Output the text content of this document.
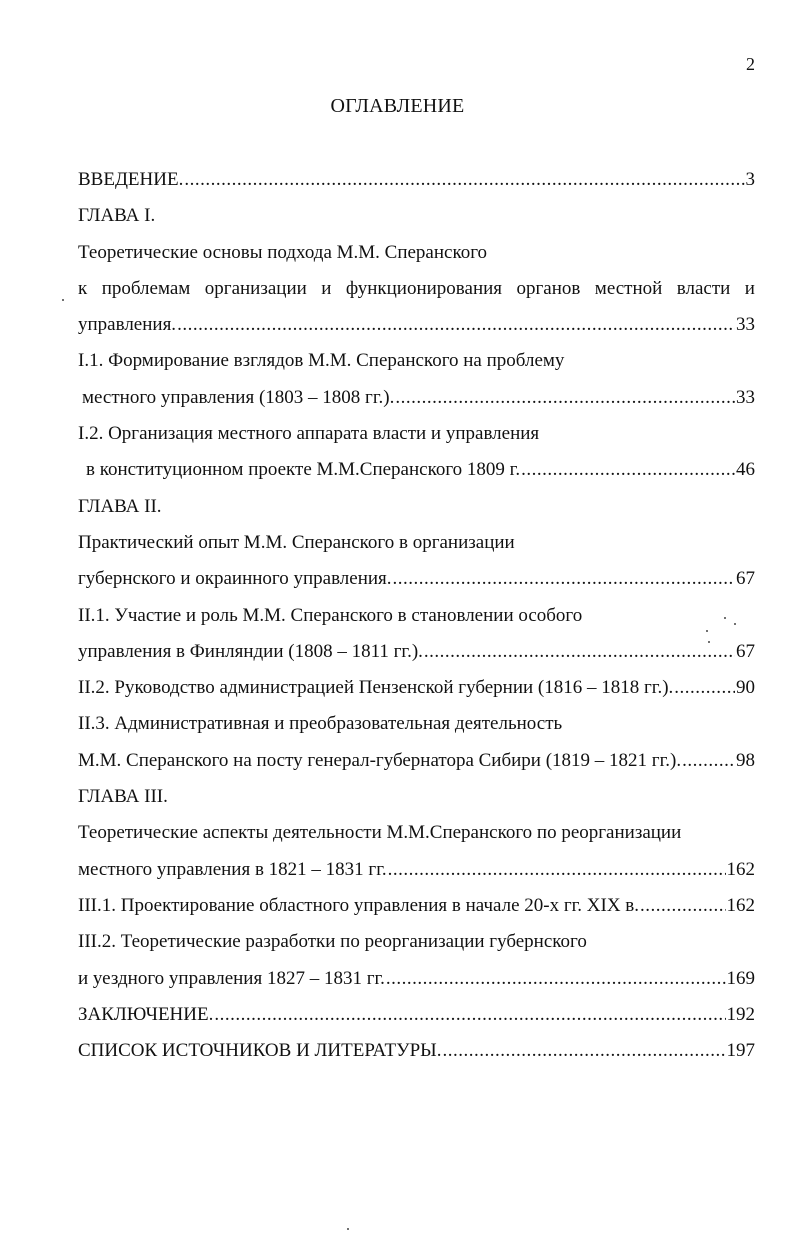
2
ОГЛАВЛЕНИЕ
ВВЕДЕНИЕ. .....	3
ГЛАВА I.
Теоретические основы подхода М.М. Сперанского
к проблемам организации и функционирования органов местной власти и
управления. .....	33
I.1. Формирование взглядов М.М. Сперанского на проблему
местного управления (1803 – 1808 гг.). .....	33
I.2. Организация местного аппарата власти и управления
в конституционном проекте М.М.Сперанского 1809 г. .....	46
ГЛАВА II.
Практический опыт М.М. Сперанского в организации
губернского и окраинного управления. .....	67
II.1. Участие и роль М.М. Сперанского в становлении особого
управления в Финляндии (1808 – 1811 гг.). .....	67
II.2. Руководство администрацией Пензенской губернии (1816 – 1818 гг.). .....	90
II.3. Административная и преобразовательная деятельность
М.М. Сперанского на посту генерал-губернатора Сибири (1819 – 1821 гг.). .....	98
ГЛАВА III.
Теоретические аспекты деятельности М.М.Сперанского по реорганизации
местного управления в 1821 – 1831 гг. .....	162
III.1. Проектирование областного управления в начале 20-х гг. XIX в. .....	162
III.2. Теоретические разработки по реорганизации губернского
и уездного управления 1827 – 1831 гг. .....	169
ЗАКЛЮЧЕНИЕ. .....	192
СПИСОК ИСТОЧНИКОВ И ЛИТЕРАТУРЫ. .....	197
